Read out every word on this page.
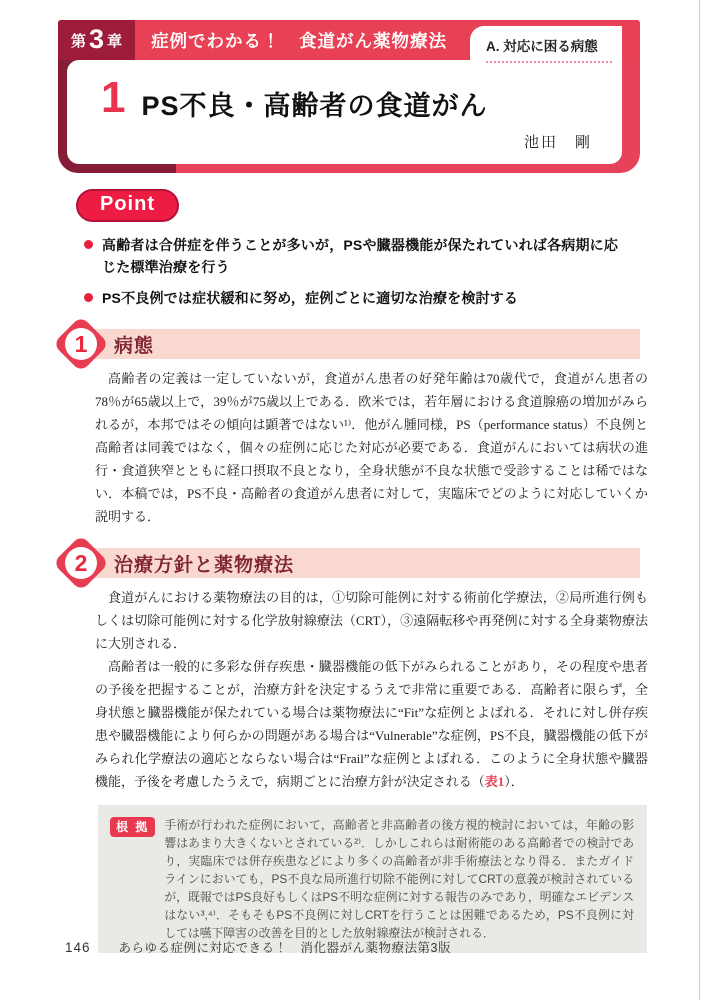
第 3 章 症例でわかる！　食道がん薬物療法	A. 対応に困る病態
1 PS不良・高齢者の食道がん
池田　剛
Point
高齢者は合併症を伴うことが多いが，PSや臓器機能が保たれていれば各病期に応じた標準治療を行う
PS不良例では症状緩和に努め，症例ごとに適切な治療を検討する
1	病態

高齢者の定義は一定していないが，食道がん患者の好発年齢は70歳代で，食道がん患者の78％が65歳以上で，39％が75歳以上である．欧米では，若年層における食道腺癌の増加がみられるが，本邦ではその傾向は顕著ではない¹⁾．他がん腫同様，PS（performance status）不良例と高齢者は同義ではなく，個々の症例に応じた対応が必要である．食道がんにおいては病状の進行・食道狭窄とともに経口摂取不良となり，全身状態が不良な状態で受診することは稀ではない．本稿では，PS不良・高齢者の食道がん患者に対して，実臨床でどのように対応していくか説明する．

2	治療方針と薬物療法

食道がんにおける薬物療法の目的は，①切除可能例に対する術前化学療法，②局所進行例もしくは切除可能例に対する化学放射線療法（CRT），③遠隔転移や再発例に対する全身薬物療法に大別される．

高齢者は一般的に多彩な併存疾患・臓器機能の低下がみられることがあり，その程度や患者の予後を把握することが，治療方針を決定するうえで非常に重要である．高齢者に限らず，全身状態と臓器機能が保たれている場合は薬物療法に“Fit”な症例とよばれる．それに対し併存疾患や臓器機能により何らかの問題がある場合は“Vulnerable”な症例，PS不良，臓器機能の低下がみられ化学療法の適応とならない場合は“Frail”な症例とよばれる．このように全身状態や臓器機能，予後を考慮したうえで，病期ごとに治療方針が決定される（表1）．

根 拠	手術が行われた症例において，高齢者と非高齢者の後方視的検討においては，年齢の影響はあまり大きくないとされている²⁾．しかしこれらは耐術能のある高齢者での検討であり，実臨床では併存疾患などにより多くの高齢者が非手術療法となり得る．またガイドラインにおいても，PS不良な局所進行切除不能例に対してCRTの意義が検討されているが，既報ではPS良好もしくはPS不明な症例に対する報告のみであり，明確なエビデンスはない³,⁴⁾．そもそもPS不良例に対しCRTを行うことは困難であるため，PS不良例に対しては嚥下障害の改善を目的とした放射線療法が検討される．
146 あらゆる症例に対応できる！　消化器がん薬物療法第3版
